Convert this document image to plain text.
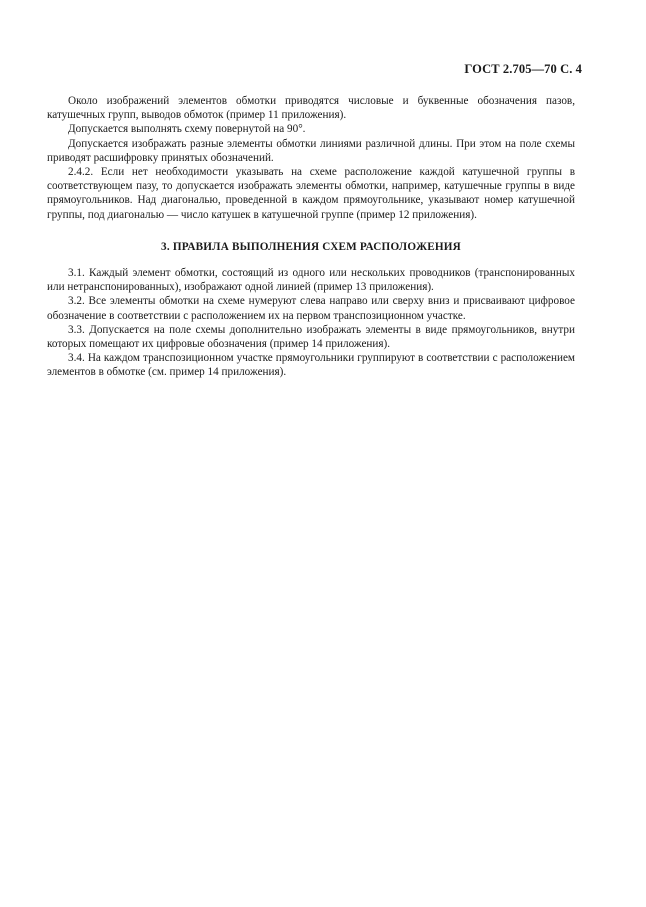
ГОСТ 2.705—70 С. 4

Около изображений элементов обмотки приводятся числовые и буквенные обозначения пазов, катушечных групп, выводов обмоток (пример 11 приложения).

Допускается выполнять схему повернутой на 90°.

Допускается изображать разные элементы обмотки линиями различной длины. При этом на поле схемы приводят расшифровку принятых обозначений.

2.4.2. Если нет необходимости указывать на схеме расположение каждой катушечной группы в соответствующем пазу, то допускается изображать элементы обмотки, например, катушечные группы в виде прямоугольников. Над диагональю, проведенной в каждом прямоугольнике, указывают номер катушечной группы, под диагональю — число катушек в катушечной группе (пример 12 приложения).

3. ПРАВИЛА ВЫПОЛНЕНИЯ СХЕМ РАСПОЛОЖЕНИЯ

3.1. Каждый элемент обмотки, состоящий из одного или нескольких проводников (транспонированных или нетранспонированных), изображают одной линией (пример 13 приложения).

3.2. Все элементы обмотки на схеме нумеруют слева направо или сверху вниз и присваивают цифровое обозначение в соответствии с расположением их на первом транспозиционном участке.

3.3. Допускается на поле схемы дополнительно изображать элементы в виде прямоугольников, внутри которых помещают их цифровые обозначения (пример 14 приложения).

3.4. На каждом транспозиционном участке прямоугольники группируют в соответствии с расположением элементов в обмотке (см. пример 14 приложения).
